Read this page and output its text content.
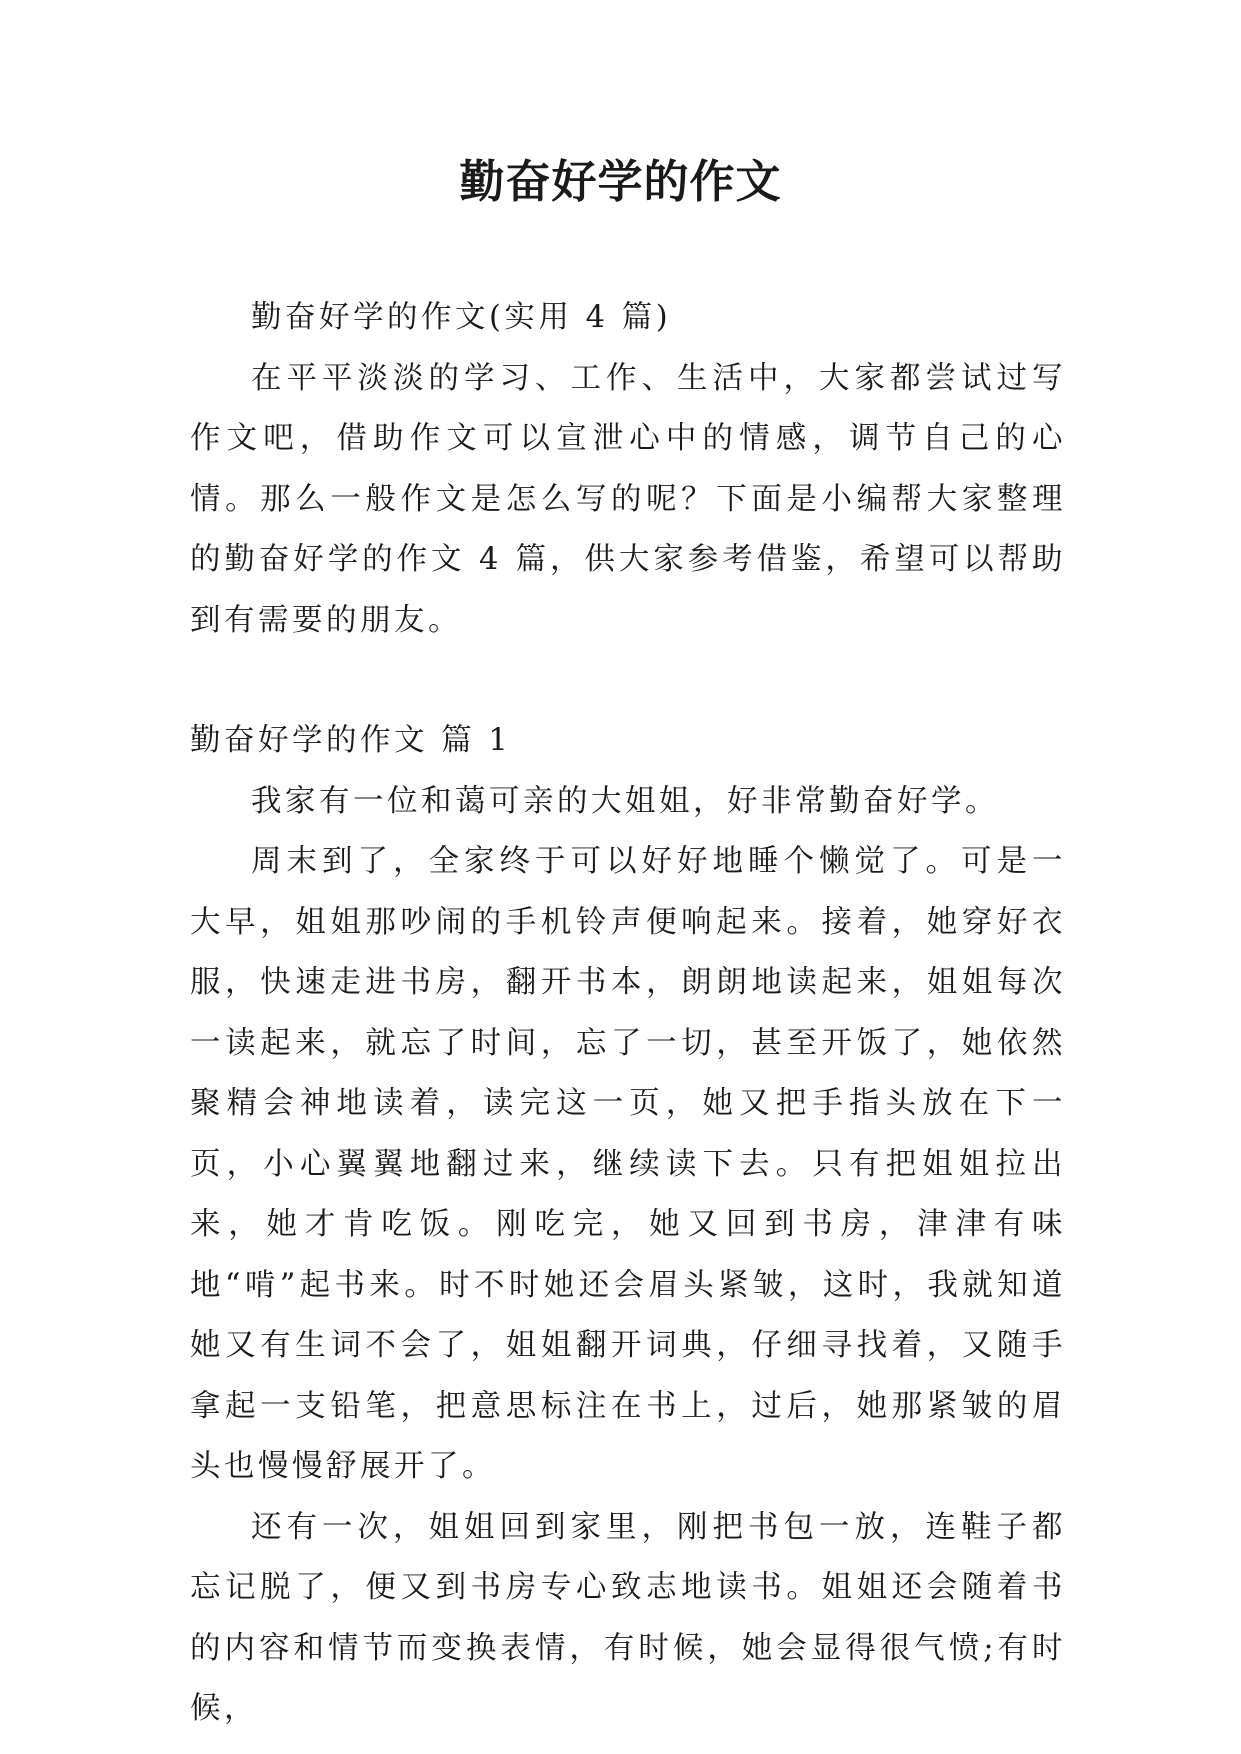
勤奋好学的作文

勤奋好学的作文(实用 4 篇)

在平平淡淡的学习、工作、生活中，大家都尝试过写作文吧，借助作文可以宣泄心中的情感，调节自己的心情。那么一般作文是怎么写的呢？下面是小编帮大家整理的勤奋好学的作文 4 篇，供大家参考借鉴，希望可以帮助到有需要的朋友。

勤奋好学的作文 篇 1

我家有一位和蔼可亲的大姐姐，好非常勤奋好学。

周末到了，全家终于可以好好地睡个懒觉了。可是一大早，姐姐那吵闹的手机铃声便响起来。接着，她穿好衣服，快速走进书房，翻开书本，朗朗地读起来，姐姐每次一读起来，就忘了时间，忘了一切，甚至开饭了，她依然聚精会神地读着，读完这一页，她又把手指头放在下一页，小心翼翼地翻过来，继续读下去。只有把姐姐拉出来，她才肯吃饭。刚吃完，她又回到书房，津津有味地“啃”起书来。时不时她还会眉头紧皱，这时，我就知道她又有生词不会了，姐姐翻开词典，仔细寻找着，又随手拿起一支铅笔，把意思标注在书上，过后，她那紧皱的眉头也慢慢舒展开了。

还有一次，姐姐回到家里，刚把书包一放，连鞋子都忘记脱了，便又到书房专心致志地读书。姐姐还会随着书的内容和情节而变换表情，有时候，她会显得很气愤;有时候，
